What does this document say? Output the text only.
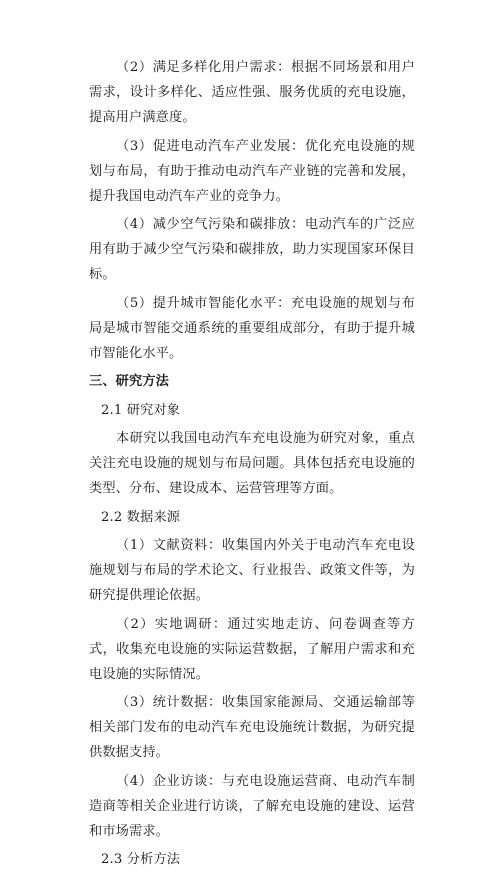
（2）满足多样化用户需求：根据不同场景和用户需求，设计多样化、适应性强、服务优质的充电设施，提高用户满意度。

（3）促进电动汽车产业发展：优化充电设施的规划与布局，有助于推动电动汽车产业链的完善和发展，提升我国电动汽车产业的竞争力。

（4）减少空气污染和碳排放：电动汽车的广泛应用有助于减少空气污染和碳排放，助力实现国家环保目标。

（5）提升城市智能化水平：充电设施的规划与布局是城市智能交通系统的重要组成部分，有助于提升城市智能化水平。

三、研究方法

2.1 研究对象

本研究以我国电动汽车充电设施为研究对象，重点关注充电设施的规划与布局问题。具体包括充电设施的类型、分布、建设成本、运营管理等方面。

2.2 数据来源

（1）文献资料：收集国内外关于电动汽车充电设施规划与布局的学术论文、行业报告、政策文件等，为研究提供理论依据。

（2）实地调研：通过实地走访、问卷调查等方式，收集充电设施的实际运营数据，了解用户需求和充电设施的实际情况。

（3）统计数据：收集国家能源局、交通运输部等相关部门发布的电动汽车充电设施统计数据，为研究提供数据支持。

（4）企业访谈：与充电设施运营商、电动汽车制造商等相关企业进行访谈，了解充电设施的建设、运营和市场需求。

2.3 分析方法
